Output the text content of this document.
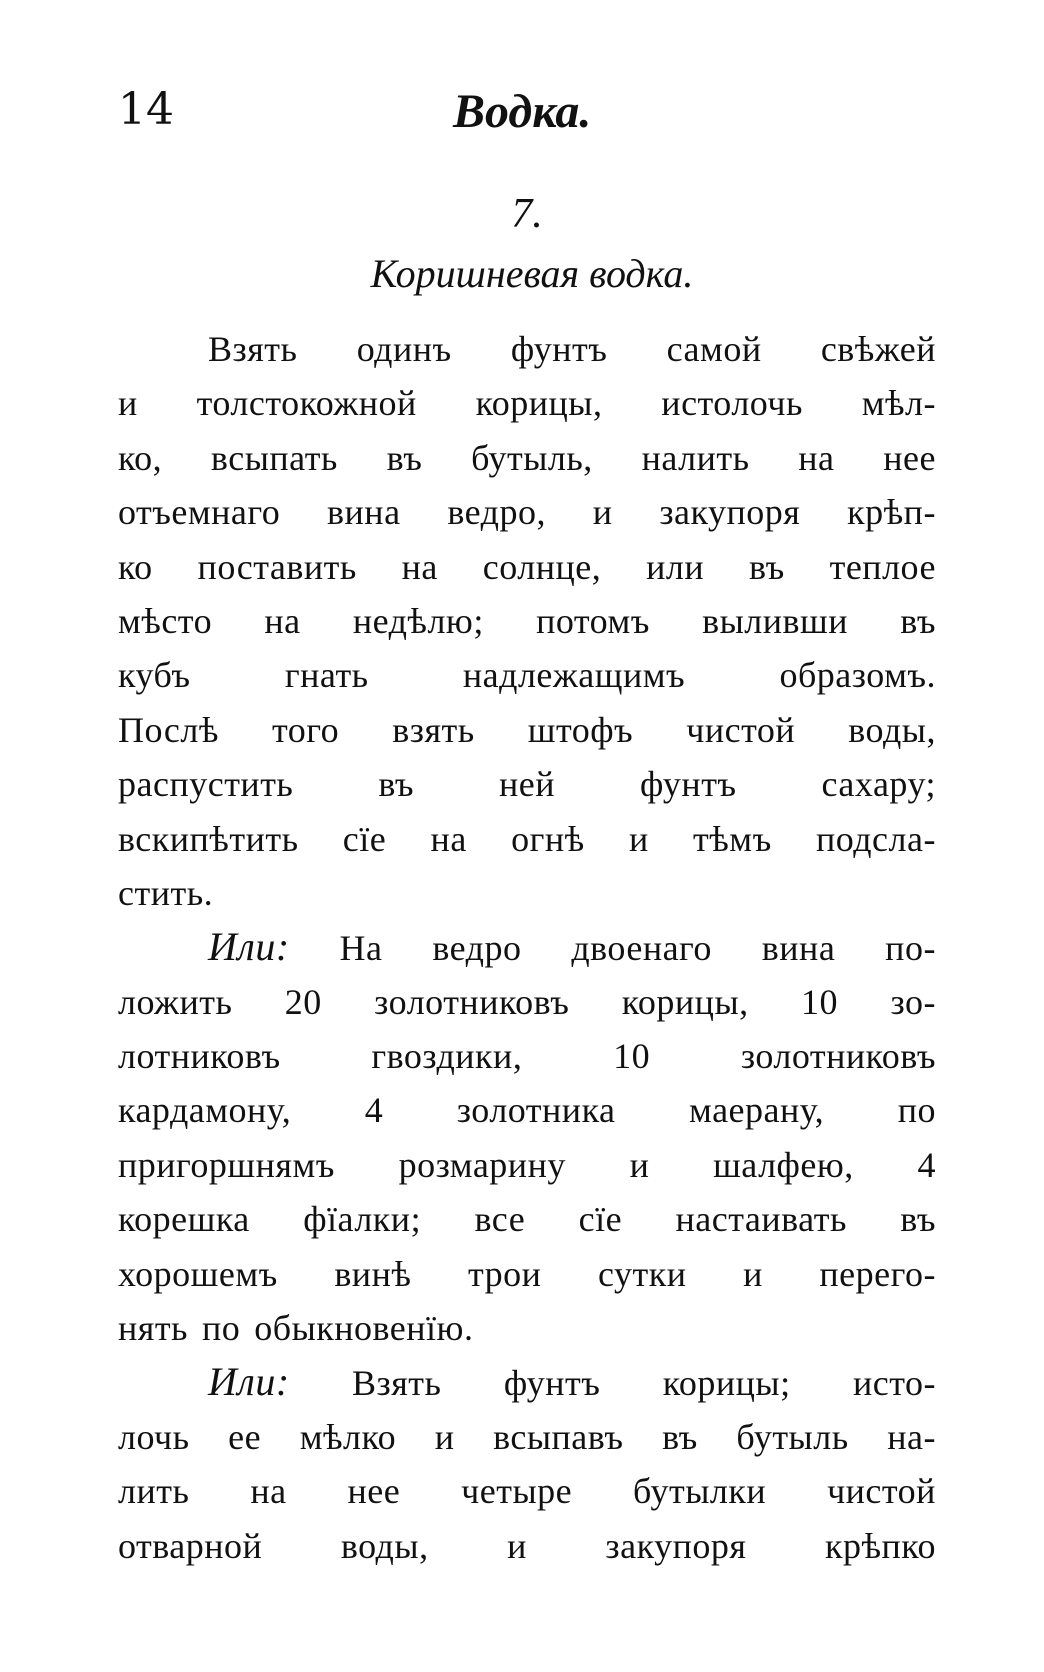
14	Водка.
7.
Коришневая водка.
Взять одинъ фунтъ самой свѣжей
и толстокожной корицы, истолочь мѣл-
ко, всыпать въ бутыль, налить на нее
отъемнаго вина ведро, и закупоря крѣп-
ко поставить на солнце, или въ теплое
мѣсто на недѣлю; потомъ выливши въ
кубъ	гнать	надлежащимъ	образомъ.
Послѣ того взять штофъ чистой воды,
распустить въ ней фунтъ сахару;
вскипѣтить сїе на огнѣ и тѣмъ подсла-
стить.
Или: На ведро двоенаго вина по-
ложить 20 золотниковъ корицы, 10 зо-
лотниковъ	гвоздики,	10	золотниковъ
кардамону, 4 золотника маерану, по
пригоршнямъ розмарину и шалфею, 4
корешка фїалки; все сїе настаивать въ
хорошемъ винѣ трои сутки и перего-
нять по обыкновенїю.
Или: Взять фунтъ корицы; исто-
лочь ее мѣлко и всыпавъ въ бутыль на-
лить на нее четыре бутылки чистой
отварной воды, и закупоря крѣпко
